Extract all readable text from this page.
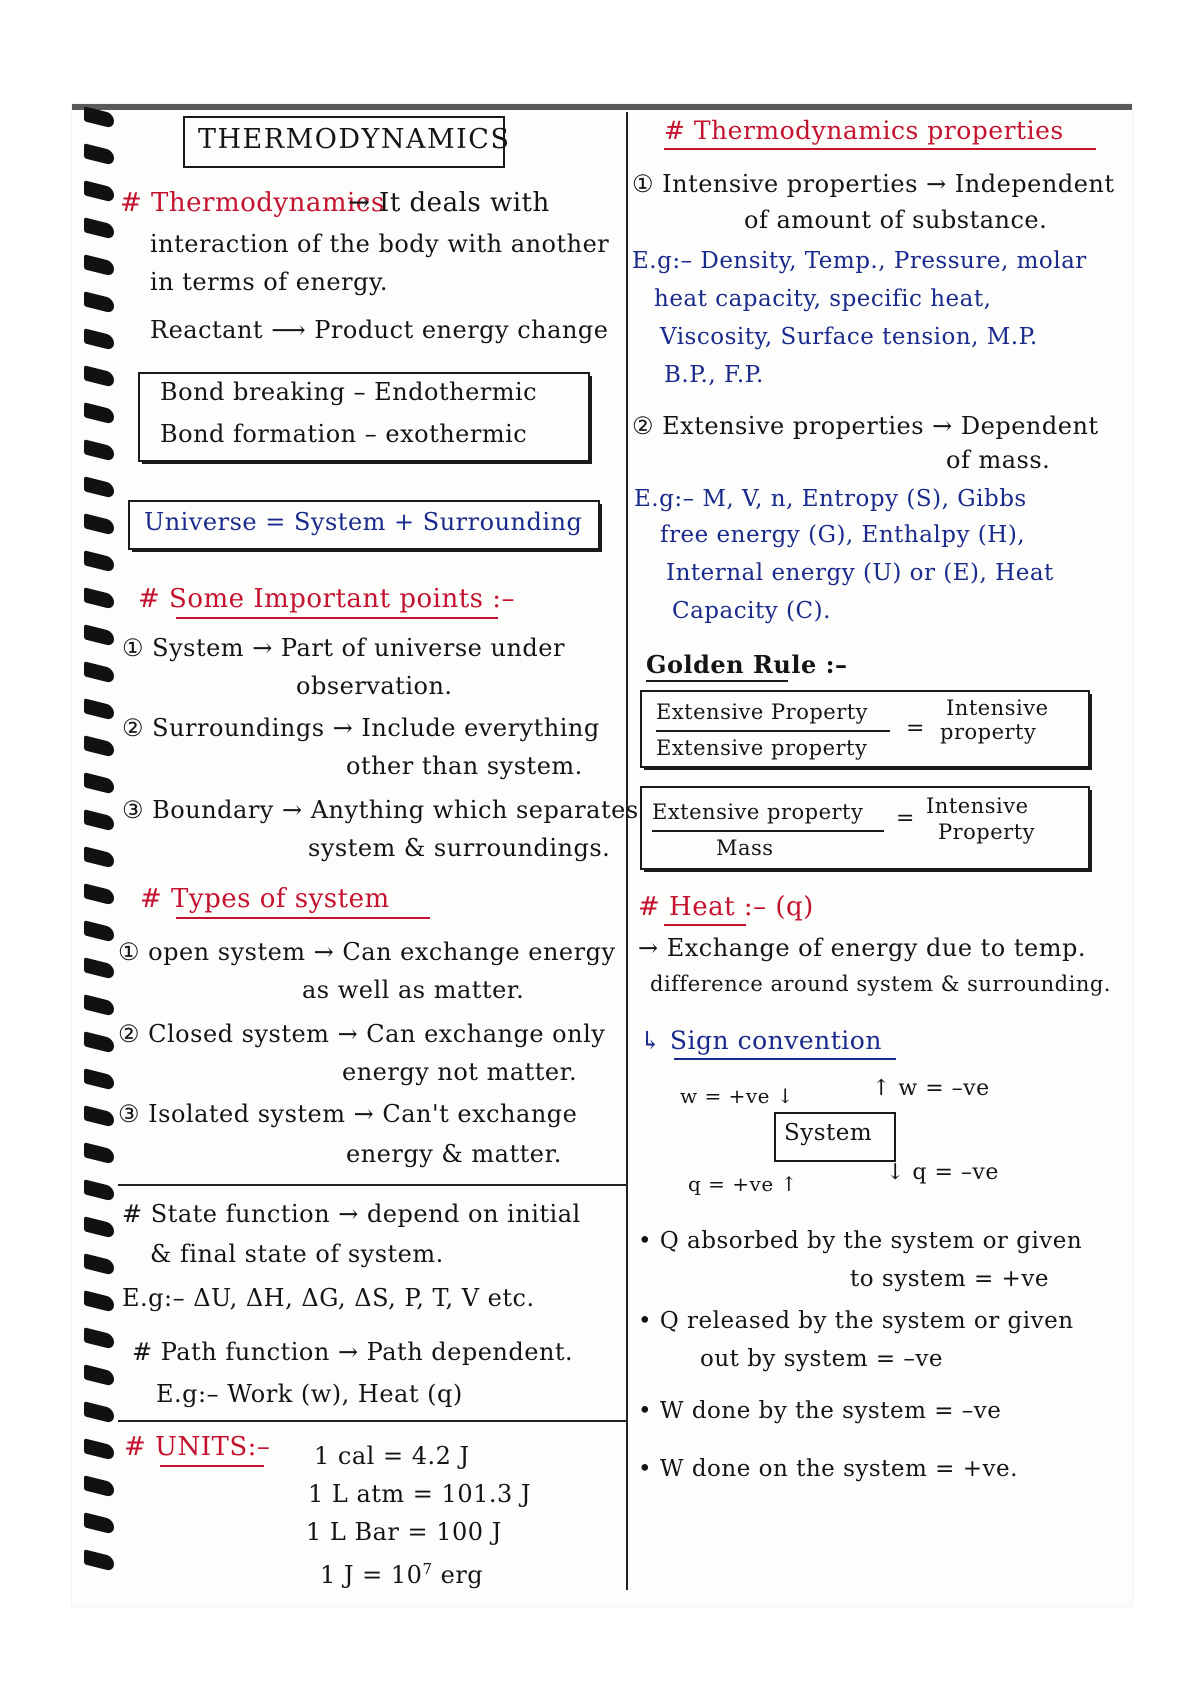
THERMODYNAMICS
# Thermodynamics
→ It deals with
interaction of the body with another
in terms of energy.
Reactant ⟶ Product energy change
Bond breaking – Endothermic
Bond formation – exothermic
Universe = System + Surrounding
# Some Important points :–
① System → Part of universe under
observation.
② Surroundings → Include everything
other than system.
③ Boundary → Anything which separates
system & surroundings.
# Types of system
① open system → Can exchange energy
as well as matter.
② Closed system → Can exchange only
energy not matter.
③ Isolated system → Can't exchange
energy & matter.
# State function → depend on initial
& final state of system.
E.g:– ΔU, ΔH, ΔG, ΔS, P, T, V etc.
# Path function → Path dependent.
E.g:– Work (w), Heat (q)
# UNITS:– 1 cal = 4.2 J
1 L atm = 101.3 J
1 L Bar = 100 J
1 $J = 10^7$ erg
# Thermodynamics properties
① Intensive properties → Independent
of amount of substance.
E.g:– Density, Temp., Pressure, molar
heat capacity, specific heat,
Viscosity, Surface tension, M.P.
B.P., F.P.
② Extensive properties → Dependent
of mass.
E.g:– M, V, n, Entropy (S), Gibbs
free energy (G), Enthalpy (H),
Internal energy (U) or (E), Heat
Capacity (C).
Golden Rule :–
Extensive Property
Extensive property
=
Intensive
property
Extensive property
Mass
= Intensive
Property
# Heat :– (q)
→ Exchange of energy due to temp.
difference around system & surrounding.
↳ Sign convention
w = +ve ↓	↑ w = –ve
System
q = +ve ↑	↓ q = –ve
• Q absorbed by the system or given
to system = +ve
• Q released by the system or given
out by system = –ve
• W done by the system = –ve
• W done on the system = +ve.
